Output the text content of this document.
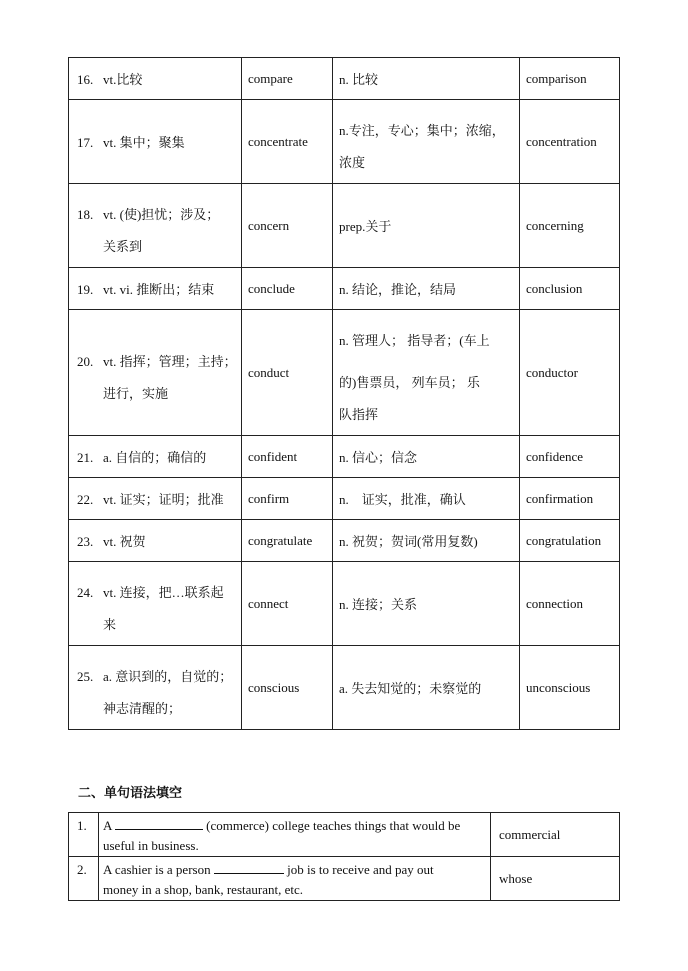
16. vt.比较	compare	n. 比较	comparison
17. vt. 集中；聚集	concentrate	n.专注，专心；集中；浓缩，
浓度	concentration

18. vt. (使)担忧；涉及；
关系到	concern	prep.关于	concerning
19. vt. vi. 推断出；结束	conclude	n. 结论，推论，结局	conclusion

20. vt. 指挥；管理；主持；
进行，实施	conduct	n. 管理人； 指导者；(车上
的)售票员， 列车员； 乐
队指挥	conductor
21. a. 自信的；确信的	confident	n. 信心；信念	confidence
22. vt. 证实；证明；批准	confirm	n.    证实，批准，确认	confirmation
23. vt. 祝贺	congratulate	n. 祝贺；贺词(常用复数)	congratulation

24. vt. 连接，把…联系起
来	connect	n. 连接；关系	connection

25. a. 意识到的，自觉的；
神志清醒的；	conscious	a. 失去知觉的；未察觉的	unconscious
二、单句语法填空
1.	A (commerce) college teaches things that would be
useful in business.	commercial
2.	A cashier is a person job is to receive and pay out
money in a shop, bank, restaurant, etc.	whose
